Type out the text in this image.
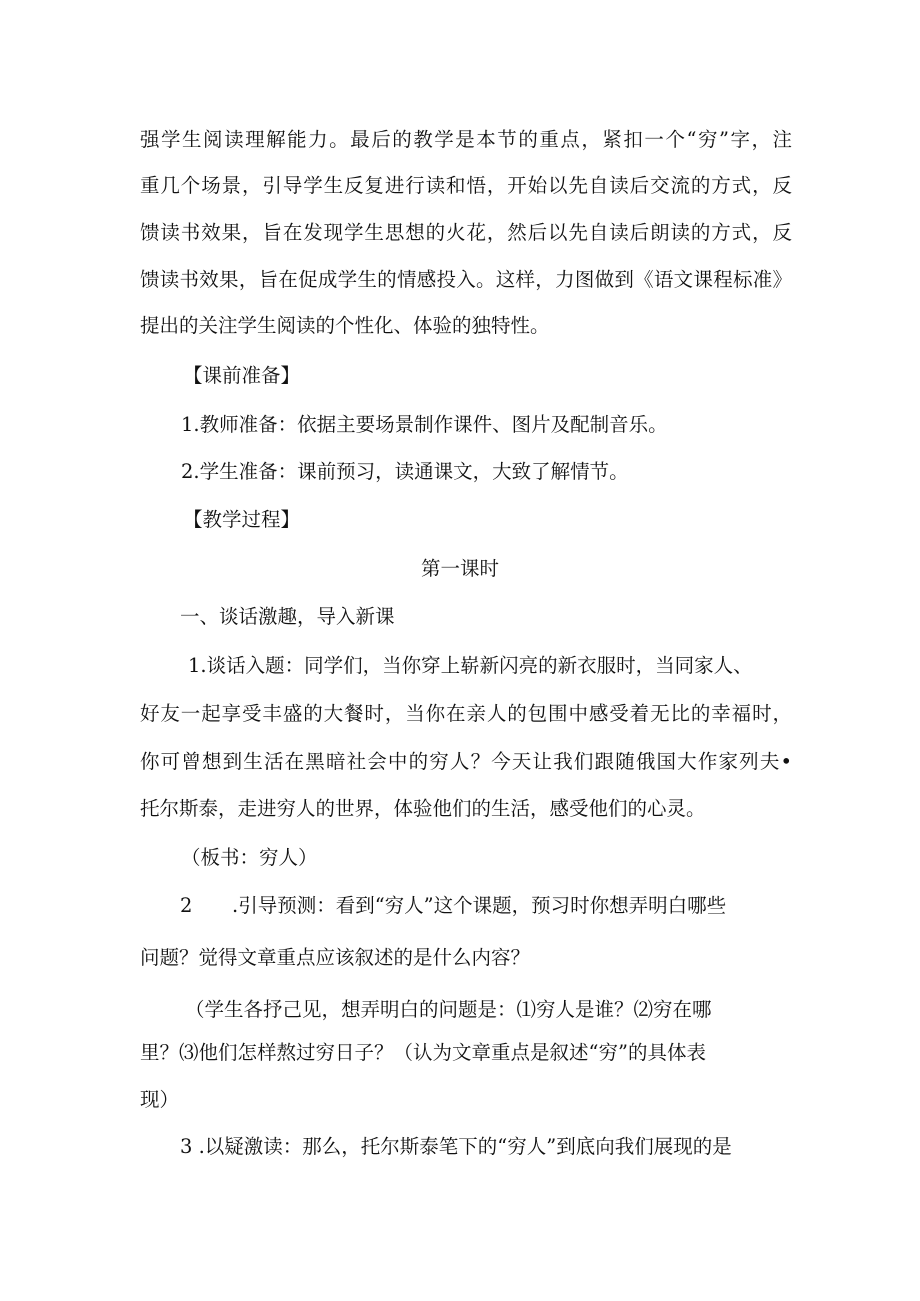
强学生阅读理解能力。最后的教学是本节的重点，紧扣一个“穷”字，注
重几个场景，引导学生反复进行读和悟，开始以先自读后交流的方式，反
馈读书效果，旨在发现学生思想的火花，然后以先自读后朗读的方式，反
馈读书效果，旨在促成学生的情感投入。这样，力图做到《语文课程标准》
提出的关注学生阅读的个性化、体验的独特性。
【课前准备】
1.教师准备：依据主要场景制作课件、图片及配制音乐。
2.学生准备：课前预习，读通课文，大致了解情节。
【教学过程】
第一课时
一、谈话激趣，导入新课
1.谈话入题：同学们，当你穿上崭新闪亮的新衣服时，当同家人、
好友一起享受丰盛的大餐时，当你在亲人的包围中感受着无比的幸福时，
你可曾想到生活在黑暗社会中的穷人？今天让我们跟随俄国大作家列夫•
托尔斯泰，走进穷人的世界，体验他们的生活，感受他们的心灵。
（板书：穷人）
2 .引导预测：看到“穷人”这个课题，预习时你想弄明白哪些
问题？觉得文章重点应该叙述的是什么内容？
（学生各抒己见，想弄明白的问题是：⑴穷人是谁？⑵穷在哪
里？⑶他们怎样熬过穷日子？（认为文章重点是叙述“穷”的具体表
现）
3 .以疑激读：那么，托尔斯泰笔下的“穷人”到底向我们展现的是
